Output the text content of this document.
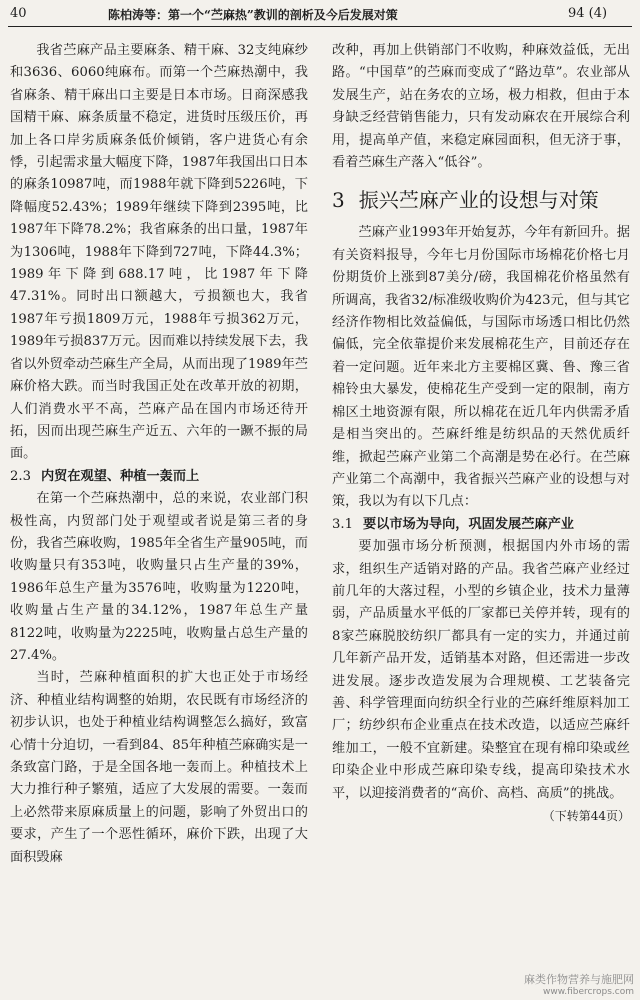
40	陈柏涛等：第一个“苎麻热”教训的剖析及今后发展对策	94 (4)

我省苎麻产品主要麻条、精干麻、32支纯麻纱和3636、6060纯麻布。而第一个苎麻热潮中，我省麻条、精干麻出口主要是日本市场。日商深感我国精干麻、麻条质量不稳定，进货时压级压价，再加上各口岸劣质麻条低价倾销，客户进货心有余悸，引起需求量大幅度下降，1987年我国出口日本的麻条10987吨，而1988年就下降到5226吨，下降幅度52.43%；1989年继续下降到2395吨，比1987年下降78.2%；我省麻条的出口量，1987年为1306吨，1988年下降到727吨，下降44.3%；1989年下降到688.17吨，比1987年下降47.31%。同时出口额越大，亏损额也大，我省1987年亏损1809万元，1988年亏损362万元，1989年亏损837万元。因而难以持续发展下去，我省以外贸牵动苎麻生产全局，从而出现了1989年苎麻价格大跌。而当时我国正处在改革开放的初期，人们消费水平不高，苎麻产品在国内市场还待开拓，因而出现苎麻生产近五、六年的一蹶不振的局面。

2.3 内贸在观望、种植一轰而上

在第一个苎麻热潮中，总的来说，农业部门积极性高，内贸部门处于观望或者说是第三者的身份，我省苎麻收购，1985年全省生产量905吨，而收购量只有353吨，收购量只占生产量的39%，1986年总生产量为3576吨，收购量为1220吨，收购量占生产量的34.12%，1987年总生产量8122吨，收购量为2225吨，收购量占总生产量的27.4%。

当时，苎麻种植面积的扩大也正处于市场经济、种植业结构调整的始期，农民既有市场经济的初步认识，也处于种植业结构调整怎么搞好，致富心情十分迫切，一看到84、85年种植苎麻确实是一条致富门路，于是全国各地一轰而上。种植技术上大力推行种子繁殖，适应了大发展的需要。一轰而上必然带来原麻质量上的问题，影响了外贸出口的要求，产生了一个恶性循环，麻价下跌，出现了大面积毁麻

改种，再加上供销部门不收购，种麻效益低，无出路。“中国草”的苎麻而变成了“路边草”。农业部从发展生产，站在务农的立场，极力相救，但由于本身缺乏经营销售能力，只有发动麻农在开展综合利用，提高单产值，来稳定麻园面积，但无济于事，看着苎麻生产落入“低谷”。

3 振兴苎麻产业的设想与对策

苎麻产业1993年开始复苏，今年有新回升。据有关资料报导，今年七月份国际市场棉花价格七月份期货价上涨到87美分/磅，我国棉花价格虽然有所调高，我省32/标准级收购价为423元，但与其它经济作物相比效益偏低，与国际市场透口相比仍然偏低，完全依靠提价来发展棉花生产，目前还存在着一定问题。近年来北方主要棉区冀、鲁、豫三省棉铃虫大暴发，使棉花生产受到一定的限制，南方棉区土地资源有限，所以棉花在近几年内供需矛盾是相当突出的。苎麻纤维是纺织品的天然优质纤维，掀起苎麻产业第二个高潮是势在必行。在苎麻产业第二个高潮中，我省振兴苎麻产业的设想与对策，我以为有以下几点：

3.1 要以市场为导向，巩固发展苎麻产业

要加强市场分析预测，根据国内外市场的需求，组织生产适销对路的产品。我省苎麻产业经过前几年的大落过程，小型的乡镇企业，技术力量薄弱，产品质量水平低的厂家都已关停并转，现有的8家苎麻脱胶纺织厂都具有一定的实力，并通过前几年新产品开发，适销基本对路，但还需进一步改进发展。逐步改造发展为合理规模、工艺装备完善、科学管理面向纺织全行业的苎麻纤维原料加工厂；纺纱织布企业重点在技术改造，以适应苎麻纤维加工，一般不宜新建。染整宜在现有棉印染或丝印染企业中形成苎麻印染专线，提高印染技术水平，以迎接消费者的“高价、高档、高质”的挑战。

（下转第44页）
麻类作物营养与施肥网
www.fibercrops.com
